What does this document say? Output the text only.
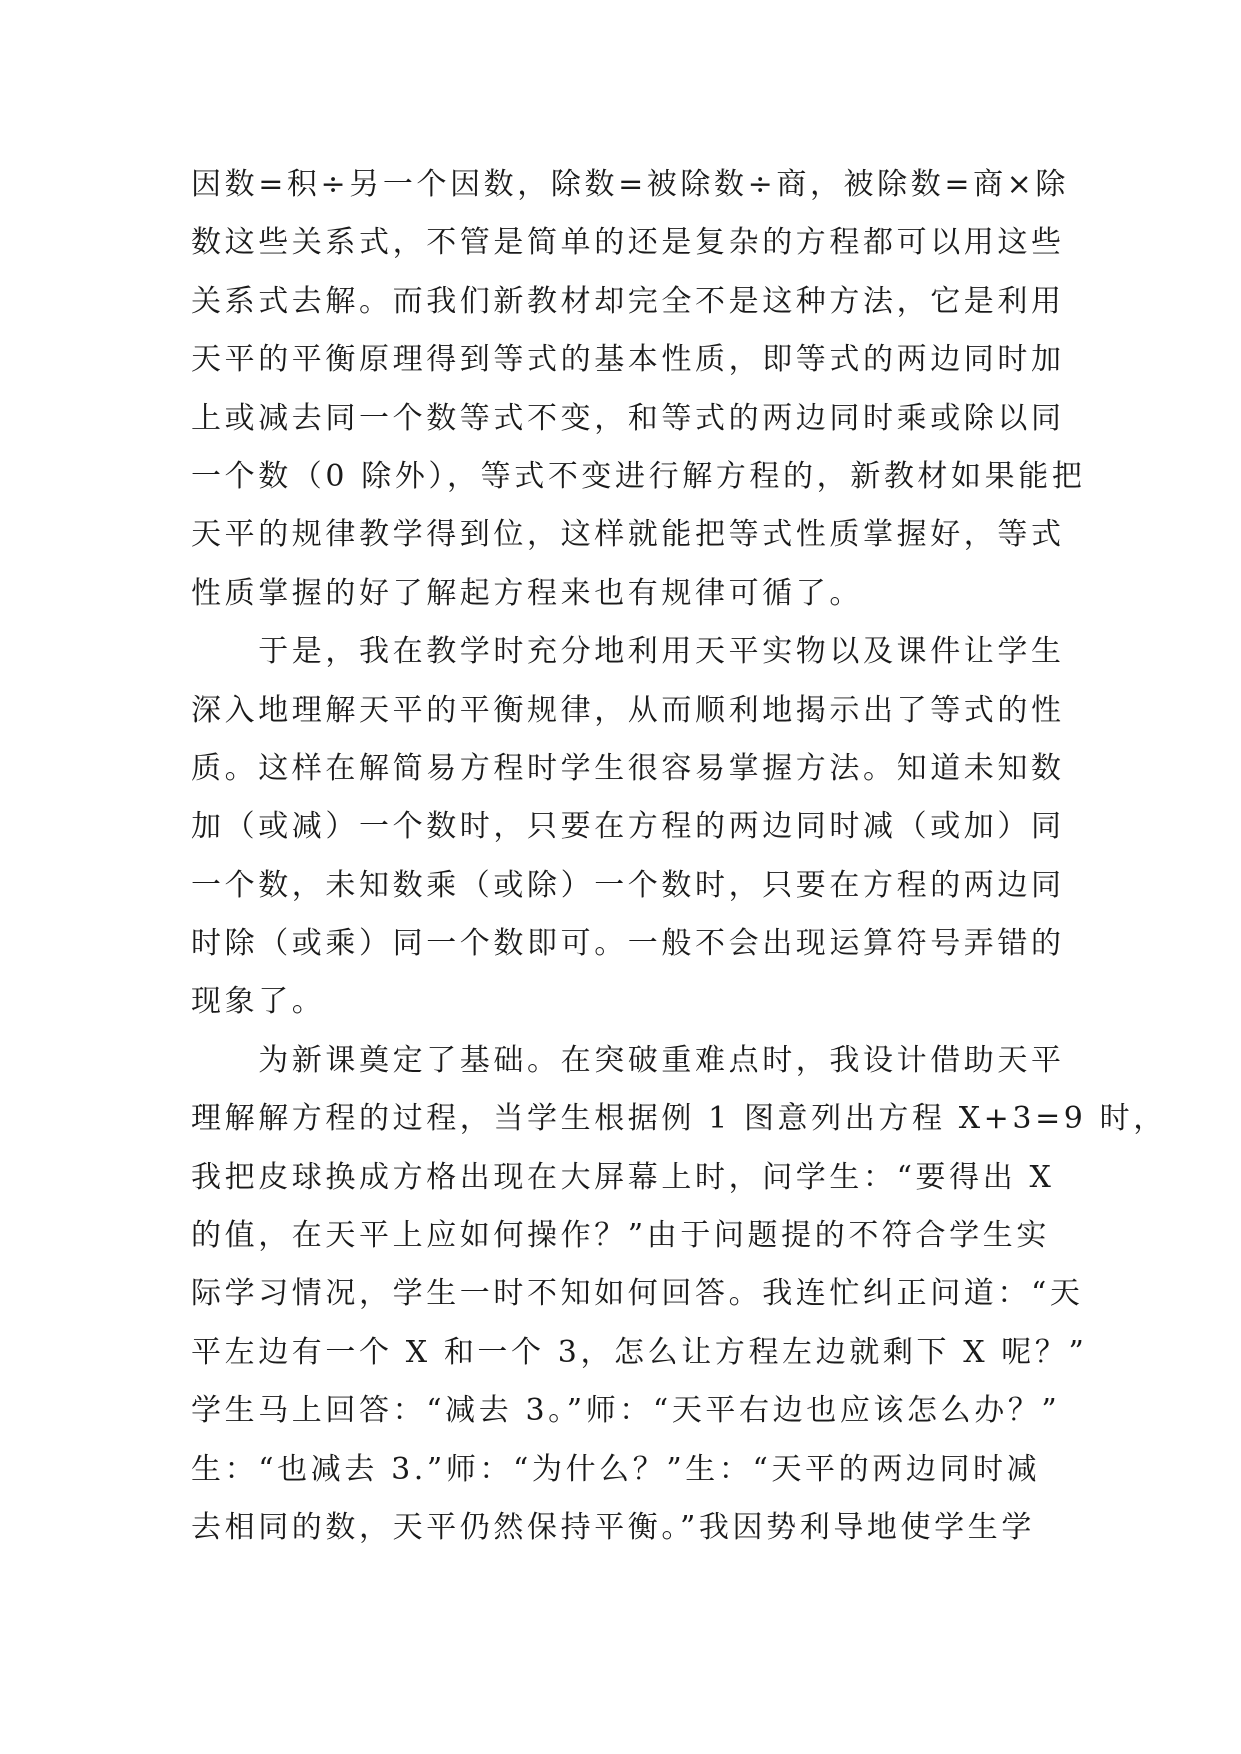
因数=积÷另一个因数，除数=被除数÷商，被除数=商×除
数这些关系式，不管是简单的还是复杂的方程都可以用这些
关系式去解。而我们新教材却完全不是这种方法，它是利用
天平的平衡原理得到等式的基本性质，即等式的两边同时加
上或减去同一个数等式不变，和等式的两边同时乘或除以同
一个数（0 除外），等式不变进行解方程的，新教材如果能把
天平的规律教学得到位，这样就能把等式性质掌握好，等式
性质掌握的好了解起方程来也有规律可循了。
　　于是，我在教学时充分地利用天平实物以及课件让学生
深入地理解天平的平衡规律，从而顺利地揭示出了等式的性
质。这样在解简易方程时学生很容易掌握方法。知道未知数
加（或减）一个数时，只要在方程的两边同时减（或加）同
一个数，未知数乘（或除）一个数时，只要在方程的两边同
时除（或乘）同一个数即可。一般不会出现运算符号弄错的
现象了。
　　为新课奠定了基础。在突破重难点时，我设计借助天平
理解解方程的过程，当学生根据例 1 图意列出方程 X+3=9 时，
我把皮球换成方格出现在大屏幕上时，问学生：“要得出 X
的值，在天平上应如何操作？”由于问题提的不符合学生实
际学习情况，学生一时不知如何回答。我连忙纠正问道：“天
平左边有一个 X 和一个 3，怎么让方程左边就剩下 X 呢？”
学生马上回答：“减去 3。”师：“天平右边也应该怎么办？”
生：“也减去 3.”师：“为什么？”生：“天平的两边同时减
去相同的数，天平仍然保持平衡。”我因势利导地使学生学
